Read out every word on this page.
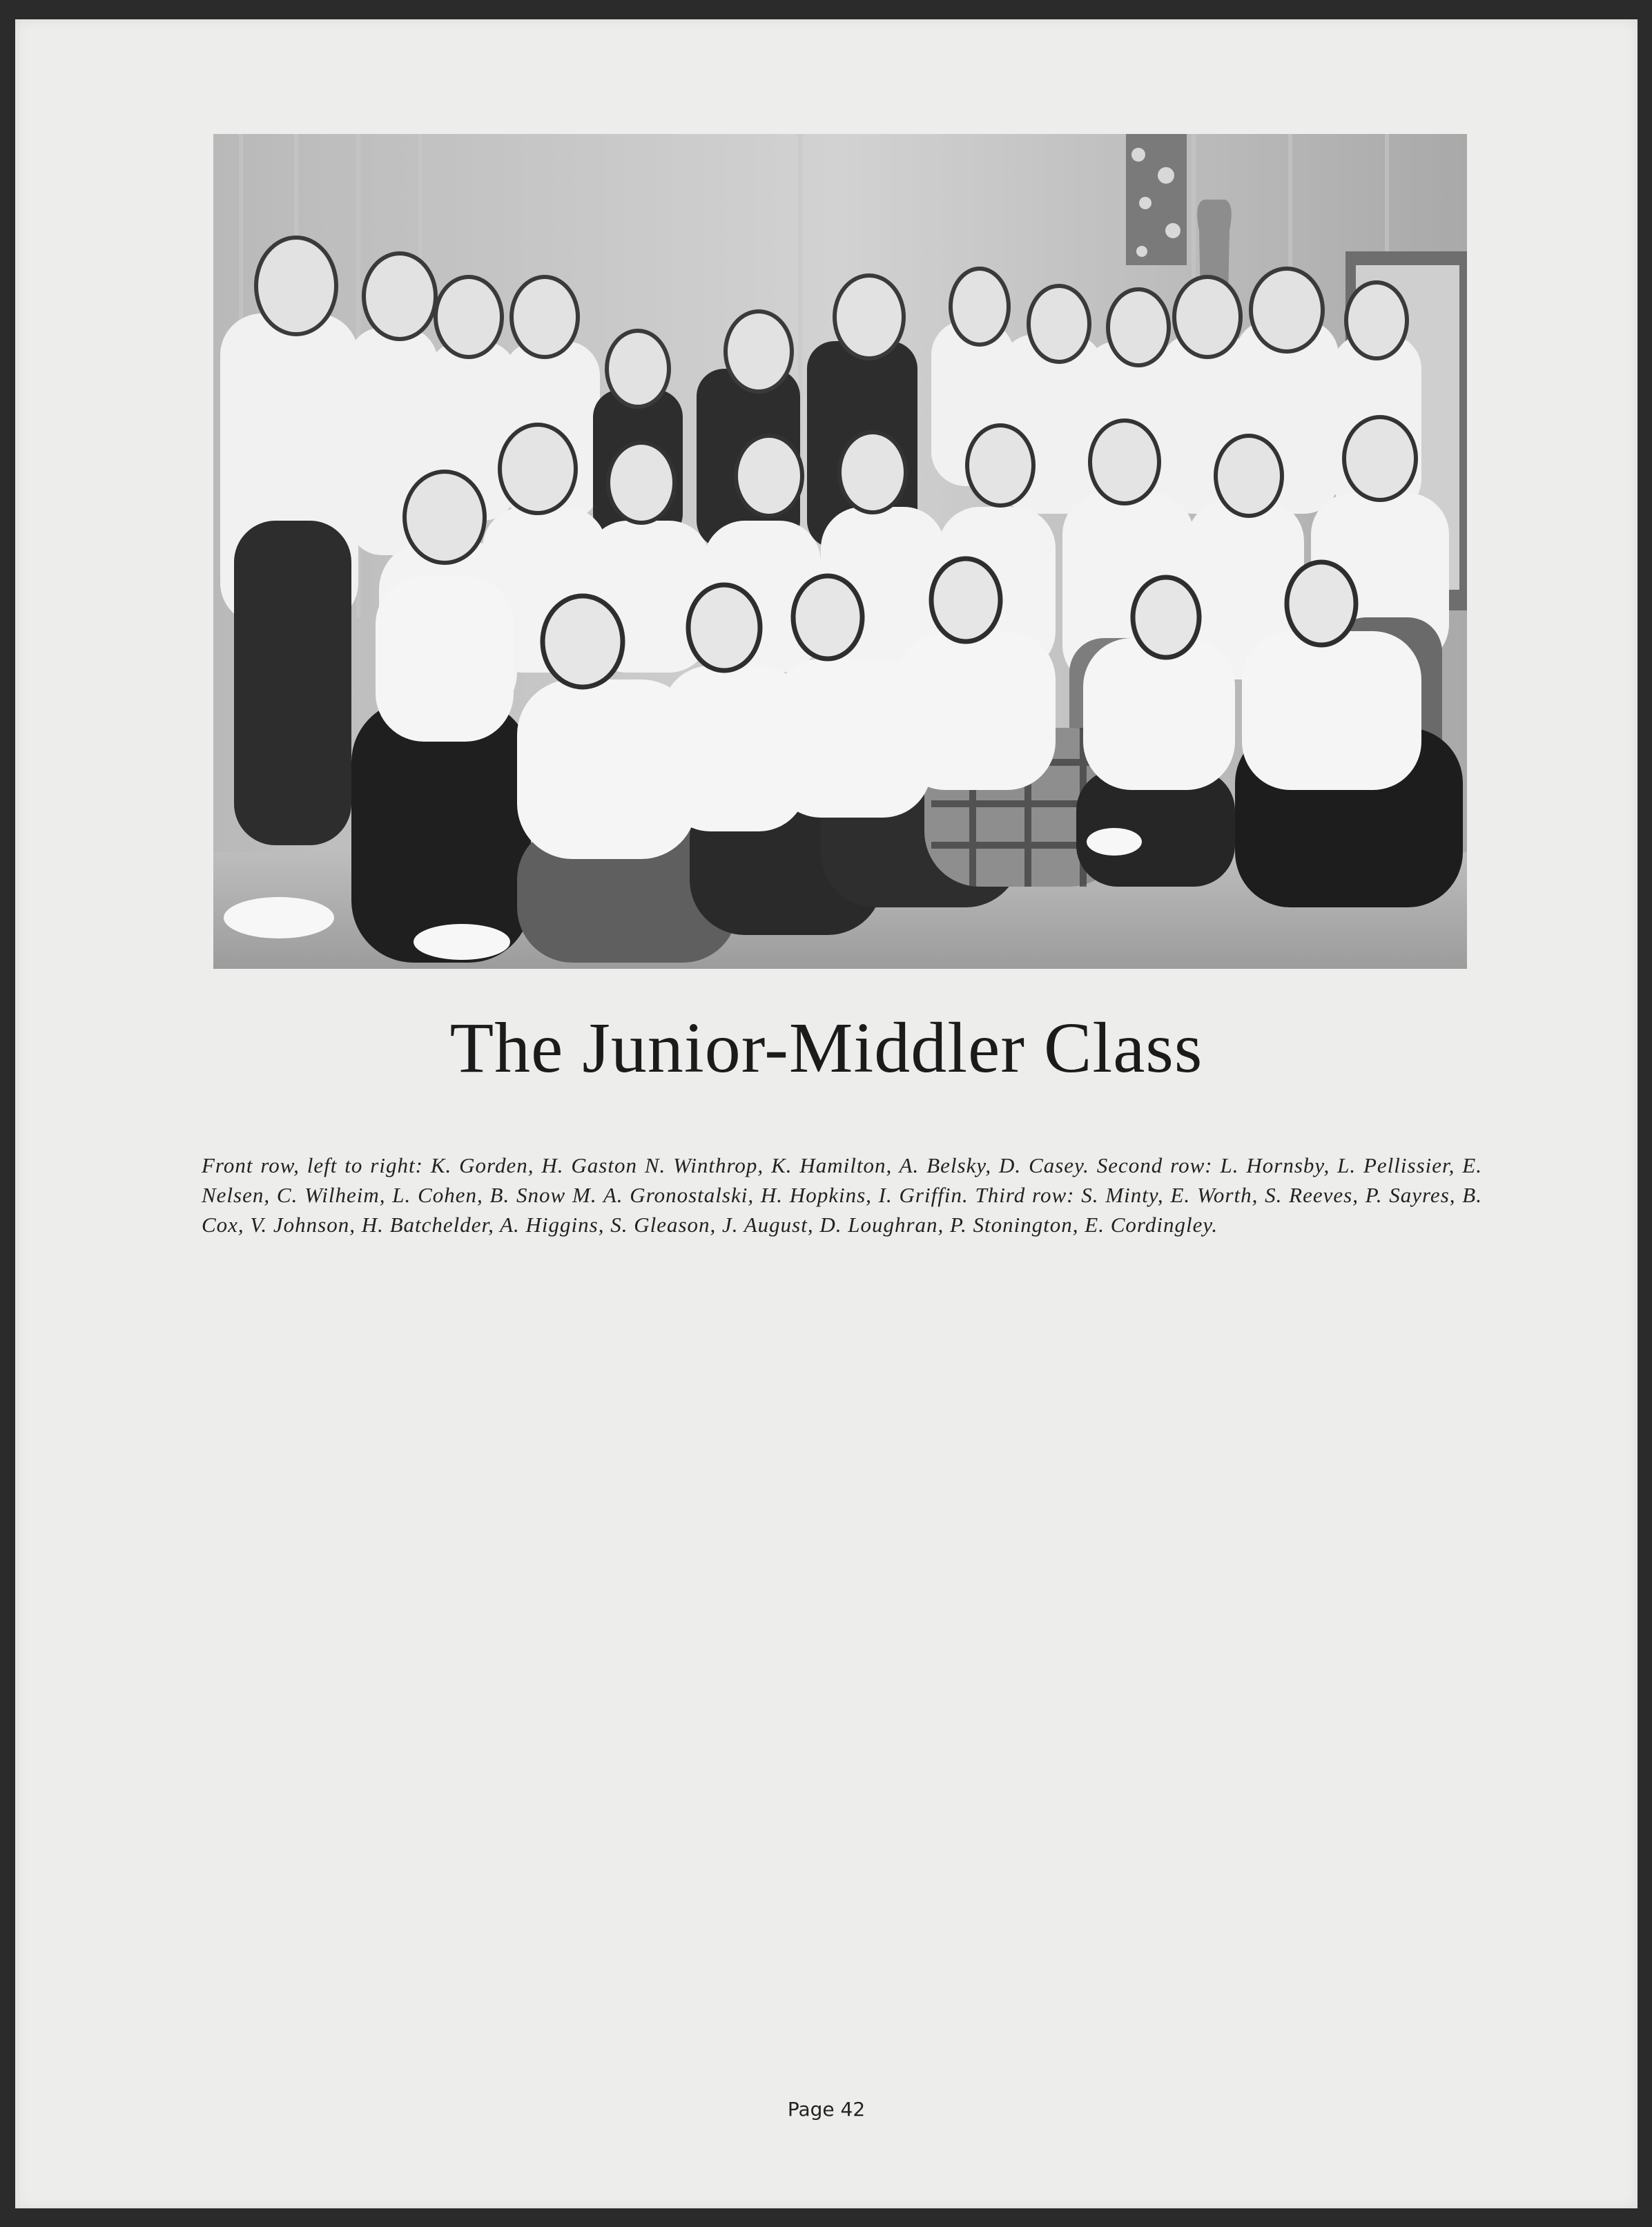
The Junior-Middler Class

Front row, left to right: K. Gorden, H. Gaston N. Winthrop, K. Hamilton, A. Belsky, D. Casey. Second row: L. Hornsby, L. Pellissier, E. Nelsen, C. Wilheim, L. Cohen, B. Snow M. A. Gronostalski, H. Hopkins, I. Griffin. Third row: S. Minty, E. Worth, S. Reeves, P. Sayres, B. Cox, V. Johnson, H. Batchelder, A. Higgins, S. Gleason, J. August, D. Loughran, P. Stonington, E. Cordingley.

Page 42
